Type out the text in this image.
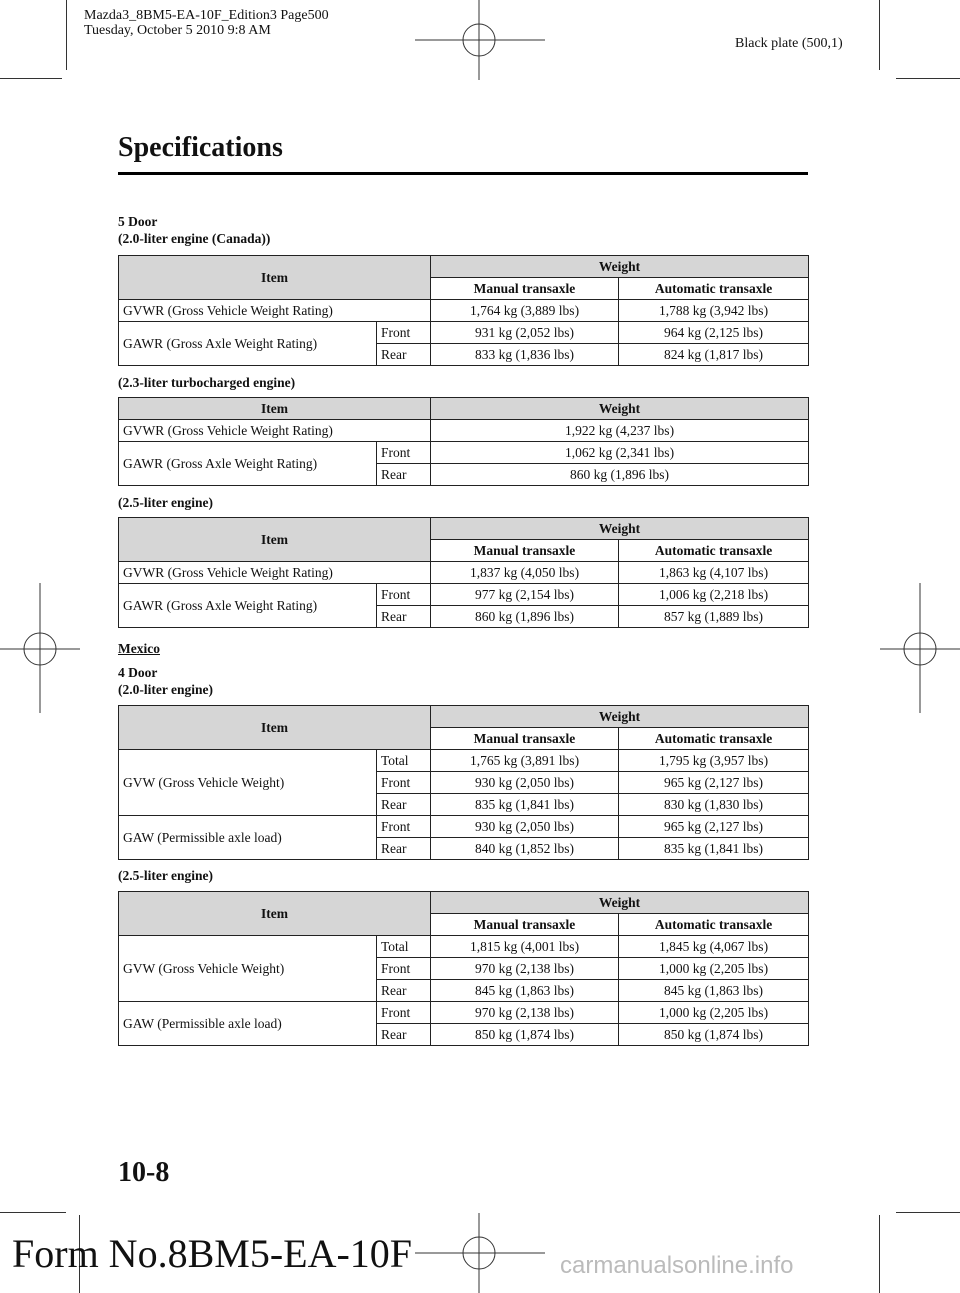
Mazda3_8BM5-EA-10F_Edition3 Page500
Tuesday, October 5 2010 9:8 AM
Black plate (500,1)
Specifications
5 Door
(2.0-liter engine (Canada))
Item		Weight	
		Manual transaxle	Automatic transaxle
GVWR (Gross Vehicle Weight Rating)		1,764 kg (3,889 lbs)	1,788 kg (3,942 lbs)
GAWR (Gross Axle Weight Rating)	Front	931 kg (2,052 lbs)	964 kg (2,125 lbs)
	Rear	833 kg (1,836 lbs)	824 kg (1,817 lbs)
(2.3-liter turbocharged engine)
Item		Weight
GVWR (Gross Vehicle Weight Rating)		1,922 kg (4,237 lbs)
GAWR (Gross Axle Weight Rating)	Front	1,062 kg (2,341 lbs)
	Rear	860 kg (1,896 lbs)
(2.5-liter engine)
Item		Weight	
		Manual transaxle	Automatic transaxle
GVWR (Gross Vehicle Weight Rating)		1,837 kg (4,050 lbs)	1,863 kg (4,107 lbs)
GAWR (Gross Axle Weight Rating)	Front	977 kg (2,154 lbs)	1,006 kg (2,218 lbs)
	Rear	860 kg (1,896 lbs)	857 kg (1,889 lbs)
Mexico
4 Door
(2.0-liter engine)
Item		Weight	
		Manual transaxle	Automatic transaxle
GVW (Gross Vehicle Weight)	Total	1,765 kg (3,891 lbs)	1,795 kg (3,957 lbs)
	Front	930 kg (2,050 lbs)	965 kg (2,127 lbs)
	Rear	835 kg (1,841 lbs)	830 kg (1,830 lbs)
GAW (Permissible axle load)	Front	930 kg (2,050 lbs)	965 kg (2,127 lbs)
	Rear	840 kg (1,852 lbs)	835 kg (1,841 lbs)
(2.5-liter engine)
Item		Weight	
		Manual transaxle	Automatic transaxle
GVW (Gross Vehicle Weight)	Total	1,815 kg (4,001 lbs)	1,845 kg (4,067 lbs)
	Front	970 kg (2,138 lbs)	1,000 kg (2,205 lbs)
	Rear	845 kg (1,863 lbs)	845 kg (1,863 lbs)
GAW (Permissible axle load)	Front	970 kg (2,138 lbs)	1,000 kg (2,205 lbs)
	Rear	850 kg (1,874 lbs)	850 kg (1,874 lbs)
10-8
Form No.8BM5-EA-10F	carmanualsonline.info
